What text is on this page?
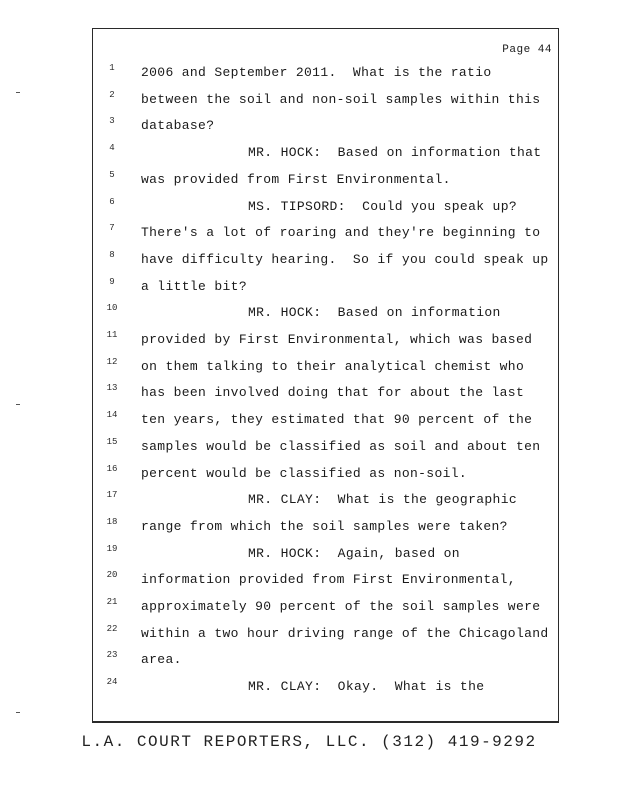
Page 44
1	2006 and September 2011.  What is the ratio
2	between the soil and non-soil samples within this
3	database?
4	MR. HOCK:  Based on information that
5	was provided from First Environmental.
6	MS. TIPSORD:  Could you speak up?
7	There's a lot of roaring and they're beginning to
8	have difficulty hearing.  So if you could speak up
9	a little bit?
10	MR. HOCK:  Based on information
11	provided by First Environmental, which was based
12	on them talking to their analytical chemist who
13	has been involved doing that for about the last
14	ten years, they estimated that 90 percent of the
15	samples would be classified as soil and about ten
16	percent would be classified as non-soil.
17	MR. CLAY:  What is the geographic
18	range from which the soil samples were taken?
19	MR. HOCK:  Again, based on
20	information provided from First Environmental,
21	approximately 90 percent of the soil samples were
22	within a two hour driving range of the Chicagoland
23	area.
24	MR. CLAY:  Okay.  What is the
L.A. COURT REPORTERS, LLC. (312) 419-9292
